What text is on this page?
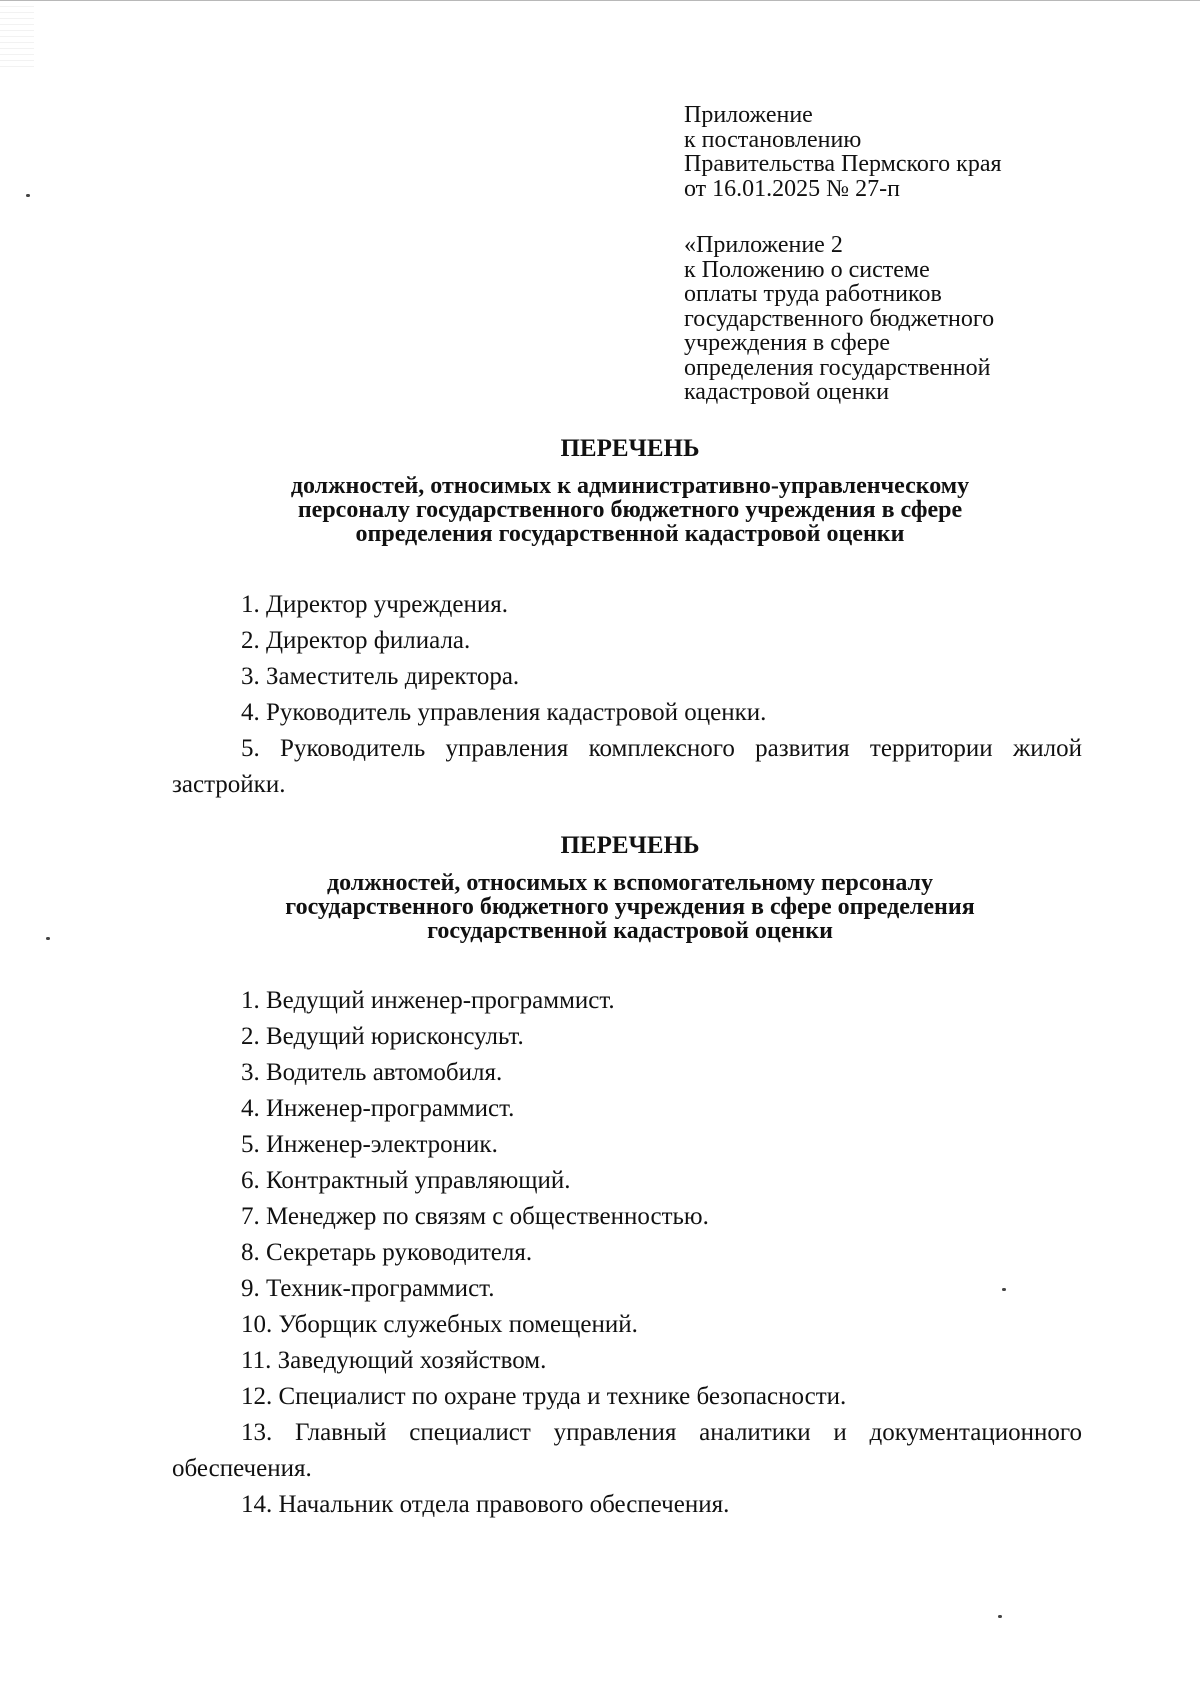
Приложение
к постановлению
Правительства Пермского края
от 16.01.2025 № 27-п
«Приложение 2
к Положению о системе
оплаты труда работников
государственного бюджетного
учреждения в сфере
определения государственной
кадастровой оценки
ПЕРЕЧЕНЬ
должностей, относимых к административно-управленческому
персоналу государственного бюджетного учреждения в сфере
определения государственной кадастровой оценки
1. Директор учреждения.
2. Директор филиала.
3. Заместитель директора.
4. Руководитель управления кадастровой оценки.
5. Руководитель управления комплексного развития территории жилой застройки.
ПЕРЕЧЕНЬ
должностей, относимых к вспомогательному персоналу
государственного бюджетного учреждения в сфере определения
государственной кадастровой оценки
1. Ведущий инженер-программист.
2. Ведущий юрисконсульт.
3. Водитель автомобиля.
4. Инженер-программист.
5. Инженер-электроник.
6. Контрактный управляющий.
7. Менеджер по связям с общественностью.
8. Секретарь руководителя.
9. Техник-программист.
10. Уборщик служебных помещений.
11. Заведующий хозяйством.
12. Специалист по охране труда и технике безопасности.
13. Главный специалист управления аналитики и документационного обеспечения.
14. Начальник отдела правового обеспечения.
